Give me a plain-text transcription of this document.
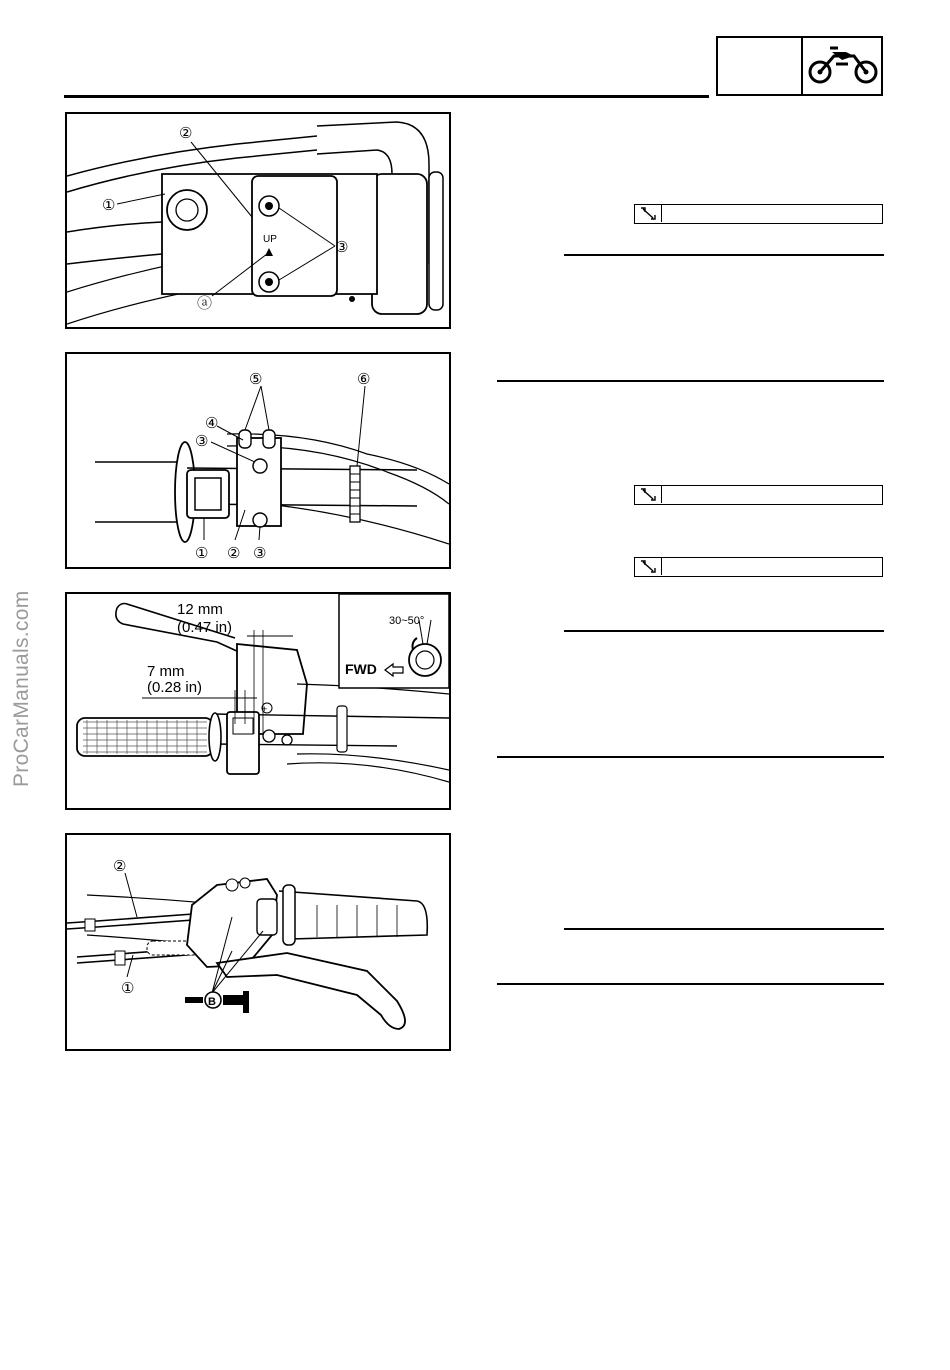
ProCarManuals.com
UP
①
②
③
ⓐ
⑤	⑥
④
③
① ② ③
+
12 mm
(0.47 in)
7 mm
(0.28 in)
30~50°
FWD
B
②
①
